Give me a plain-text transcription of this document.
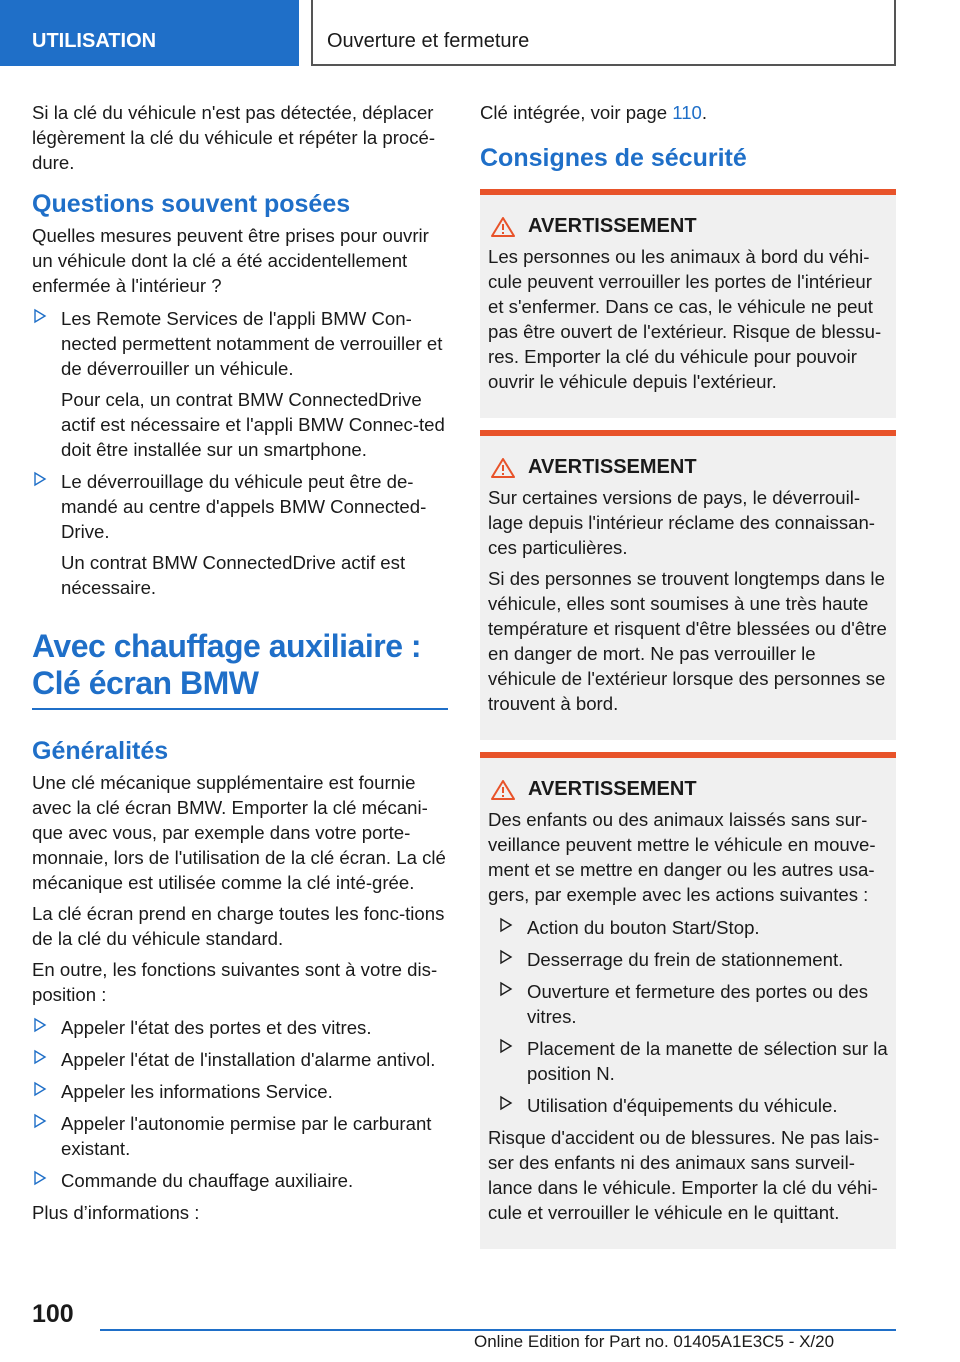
UTILISATION	Ouverture et fermeture

Si la clé du véhicule n'est pas détectée, déplacer légèrement la clé du véhicule et répéter la procé-dure.

Questions souvent posées

Quelles mesures peuvent être prises pour ouvrir un véhicule dont la clé a été accidentellement enfermée à l'intérieur ?

Les Remote Services de l'appli BMW Con-nected permettent notamment de verrouiller et de déverrouiller un véhicule.

Pour cela, un contrat BMW ConnectedDrive actif est nécessaire et l'appli BMW Connec-ted doit être installée sur un smartphone.

Le déverrouillage du véhicule peut être de-mandé au centre d'appels BMW Connected-Drive.

Un contrat BMW ConnectedDrive actif est nécessaire.

Avec chauffage auxiliaire :
Clé écran BMW
Généralités

Une clé mécanique supplémentaire est fournie avec la clé écran BMW. Emporter la clé mécani-que avec vous, par exemple dans votre porte-monnaie, lors de l'utilisation de la clé écran. La clé mécanique est utilisée comme la clé inté-grée.

La clé écran prend en charge toutes les fonc-tions de la clé du véhicule standard.

En outre, les fonctions suivantes sont à votre dis-position :

Appeler l'état des portes et des vitres.
Appeler l'état de l'installation d'alarme antivol.
Appeler les informations Service.
Appeler l'autonomie permise par le carburant existant.
Commande du chauffage auxiliaire.

Plus d’informations :

Clé intégrée, voir page 110.

Consignes de sécurité
AVERTISSEMENT

Les personnes ou les animaux à bord du véhi-cule peuvent verrouiller les portes de l'intérieur et s'enfermer. Dans ce cas, le véhicule ne peut pas être ouvert de l'extérieur. Risque de blessu-res. Emporter la clé du véhicule pour pouvoir ouvrir le véhicule depuis l'extérieur.

AVERTISSEMENT

Sur certaines versions de pays, le déverrouil-lage depuis l'intérieur réclame des connaissan-ces particulières.

Si des personnes se trouvent longtemps dans le véhicule, elles sont soumises à une très haute température et risquent d'être blessées ou d'être en danger de mort. Ne pas verrouiller le véhicule de l'extérieur lorsque des personnes se trouvent à bord.

AVERTISSEMENT

Des enfants ou des animaux laissés sans sur-veillance peuvent mettre le véhicule en mouve-ment et se mettre en danger ou les autres usa-gers, par exemple avec les actions suivantes :

Action du bouton Start/Stop.
Desserrage du frein de stationnement.
Ouverture et fermeture des portes ou des vitres.
Placement de la manette de sélection sur la position N.
Utilisation d'équipements du véhicule.

Risque d'accident ou de blessures. Ne pas lais-ser des enfants ni des animaux sans surveil-lance dans le véhicule. Emporter la clé du véhi-cule et verrouiller le véhicule en le quittant.

100
Online Edition for Part no. 01405A1E3C5 - X/20
